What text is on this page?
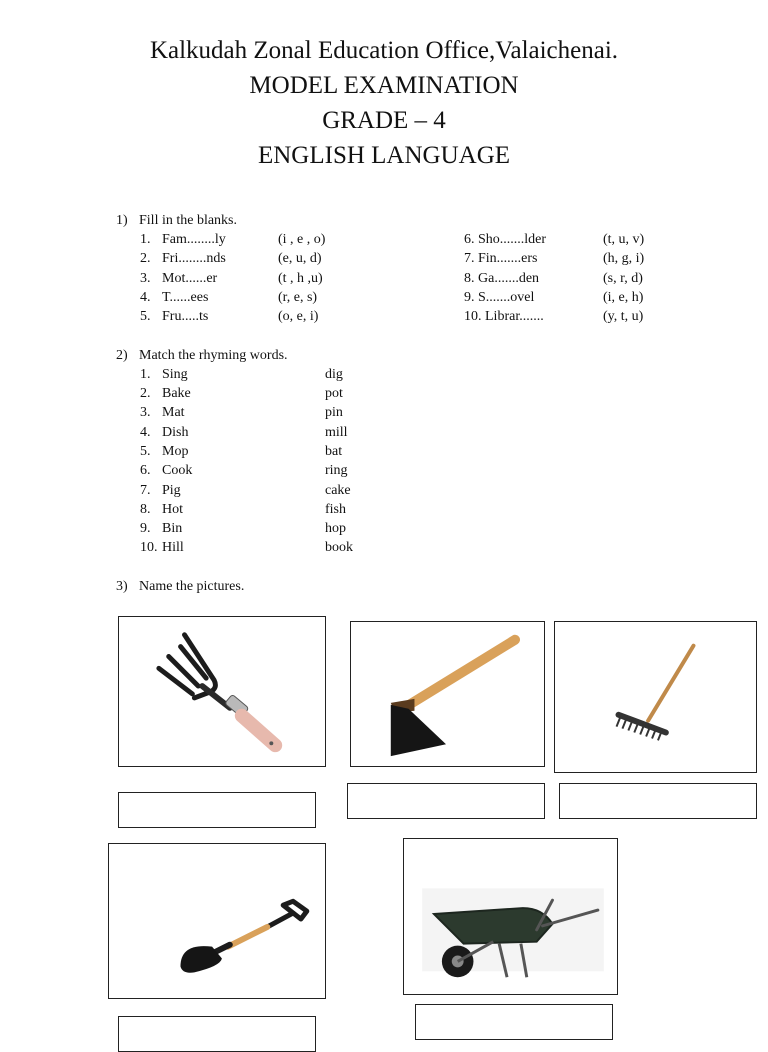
Kalkudah Zonal Education Office,Valaichenai.
MODEL EXAMINATION
GRADE – 4
ENGLISH LANGUAGE
1) Fill in the blanks.
1. Fam........ly	(i , e , o)
2. Fri........nds	(e, u, d)
3. Mot......er	(t , h ,u)
4. T......ees	(r, e, s)
5. Fru.....ts	(o, e, i)
6. Sho.......lder	(t, u, v)
7. Fin.......ers	(h, g, i)
8. Ga.......den	(s, r, d)
9. S.......ovel	(i, e, h)
10. Librar.......	(y, t, u)
2) Match the rhyming words.
1. Sing	dig
2. Bake	pot
3. Mat	pin
4. Dish	mill
5. Mop	bat
6. Cook	ring
7. Pig	cake
8. Hot	fish
9. Bin	hop
10. Hill	book
3) Name the pictures.
